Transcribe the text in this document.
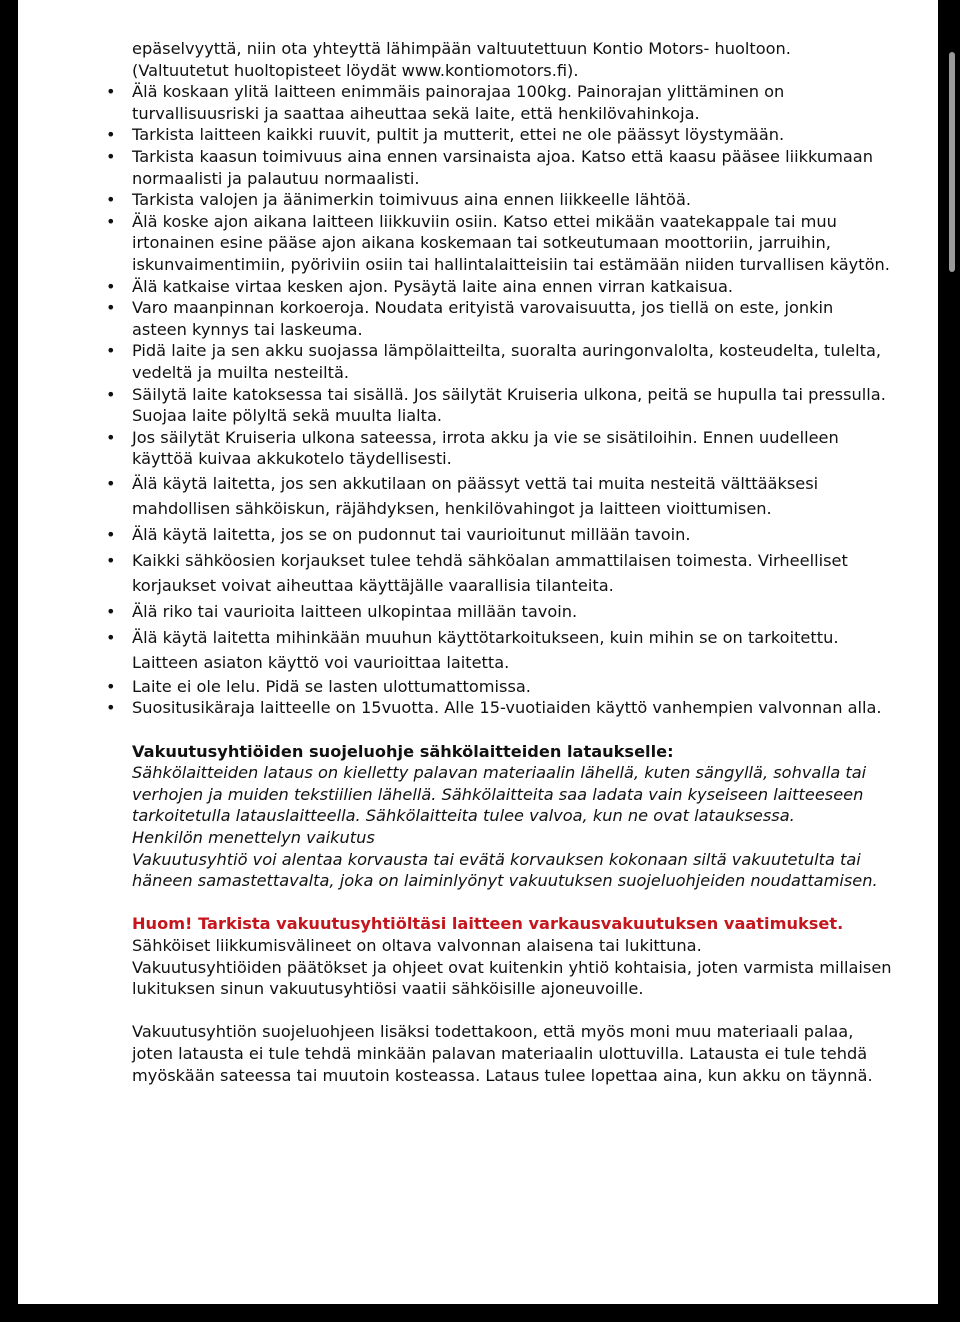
epäselvyyttä, niin ota yhteyttä lähimpään valtuutettuun Kontio Motors- huoltoon.

(Valtuutetut huoltopisteet löydät www.kontiomotors.fi).

• Älä koskaan ylitä laitteen enimmäis painorajaa 100kg. Painorajan ylittäminen on turvallisuusriski ja saattaa aiheuttaa sekä laite, että henkilövahinkoja.
• Tarkista laitteen kaikki ruuvit, pultit ja mutterit, ettei ne ole päässyt löystymään.
• Tarkista kaasun toimivuus aina ennen varsinaista ajoa. Katso että kaasu pääsee liikkumaan normaalisti ja palautuu normaalisti.
• Tarkista valojen ja äänimerkin toimivuus aina ennen liikkeelle lähtöä.
• Älä koske ajon aikana laitteen liikkuviin osiin. Katso ettei mikään vaatekappale tai muu irtonainen esine pääse ajon aikana koskemaan tai sotkeutumaan moottoriin, jarruihin, iskunvaimentimiin, pyöriviin osiin tai hallintalaitteisiin tai estämään niiden turvallisen käytön.
• Älä katkaise virtaa kesken ajon. Pysäytä laite aina ennen virran katkaisua.
• Varo maanpinnan korkoeroja. Noudata erityistä varovaisuutta, jos tiellä on este, jonkin asteen kynnys tai laskeuma.
• Pidä laite ja sen akku suojassa lämpölaitteilta, suoralta auringonvalolta, kosteudelta, tulelta, vedeltä ja muilta nesteiltä.
• Säilytä laite katoksessa tai sisällä. Jos säilytät Kruiseria ulkona, peitä se hupulla tai pressulla. Suojaa laite pölyltä sekä muulta lialta.
• Jos säilytät Kruiseria ulkona sateessa, irrota akku ja vie se sisätiloihin. Ennen uudelleen käyttöä kuivaa akkukotelo täydellisesti.
• Älä käytä laitetta, jos sen akkutilaan on päässyt vettä tai muita nesteitä välttääksesi mahdollisen sähköiskun, räjähdyksen, henkilövahingot ja laitteen vioittumisen.
• Älä käytä laitetta, jos se on pudonnut tai vaurioitunut millään tavoin.
• Kaikki sähköosien korjaukset tulee tehdä sähköalan ammattilaisen toimesta. Virheelliset korjaukset voivat aiheuttaa käyttäjälle vaarallisia tilanteita.
• Älä riko tai vaurioita laitteen ulkopintaa millään tavoin.
• Älä käytä laitetta mihinkään muuhun käyttötarkoitukseen, kuin mihin se on tarkoitettu. Laitteen asiaton käyttö voi vaurioittaa laitetta.
• Laite ei ole lelu. Pidä se lasten ulottumattomissa.
• Suositusikäraja laitteelle on 15vuotta. Alle 15-vuotiaiden käyttö vanhempien valvonnan alla.

Vakuutusyhtiöiden suojeluohje sähkölaitteiden lataukselle:

Sähkölaitteiden lataus on kielletty palavan materiaalin lähellä, kuten sängyllä, sohvalla tai verhojen ja muiden tekstiilien lähellä. Sähkölaitteita saa ladata vain kyseiseen laitteeseen tarkoitetulla latauslaitteella. Sähkölaitteita tulee valvoa, kun ne ovat latauksessa.

Henkilön menettelyn vaikutus

Vakuutusyhtiö voi alentaa korvausta tai evätä korvauksen kokonaan siltä vakuutetulta tai häneen samastettavalta, joka on laiminlyönyt vakuutuksen suojeluohjeiden noudattamisen.

Huom! Tarkista vakuutusyhtiöltäsi laitteen varkausvakuutuksen vaatimukset.

Sähköiset liikkumisvälineet on oltava valvonnan alaisena tai lukittuna.

Vakuutusyhtiöiden päätökset ja ohjeet ovat kuitenkin yhtiö kohtaisia, joten varmista millaisen lukituksen sinun vakuutusyhtiösi vaatii sähköisille ajoneuvoille.

Vakuutusyhtiön suojeluohjeen lisäksi todettakoon, että myös moni muu materiaali palaa, joten latausta ei tule tehdä minkään palavan materiaalin ulottuvilla. Latausta ei tule tehdä myöskään sateessa tai muutoin kosteassa. Lataus tulee lopettaa aina, kun akku on täynnä.
